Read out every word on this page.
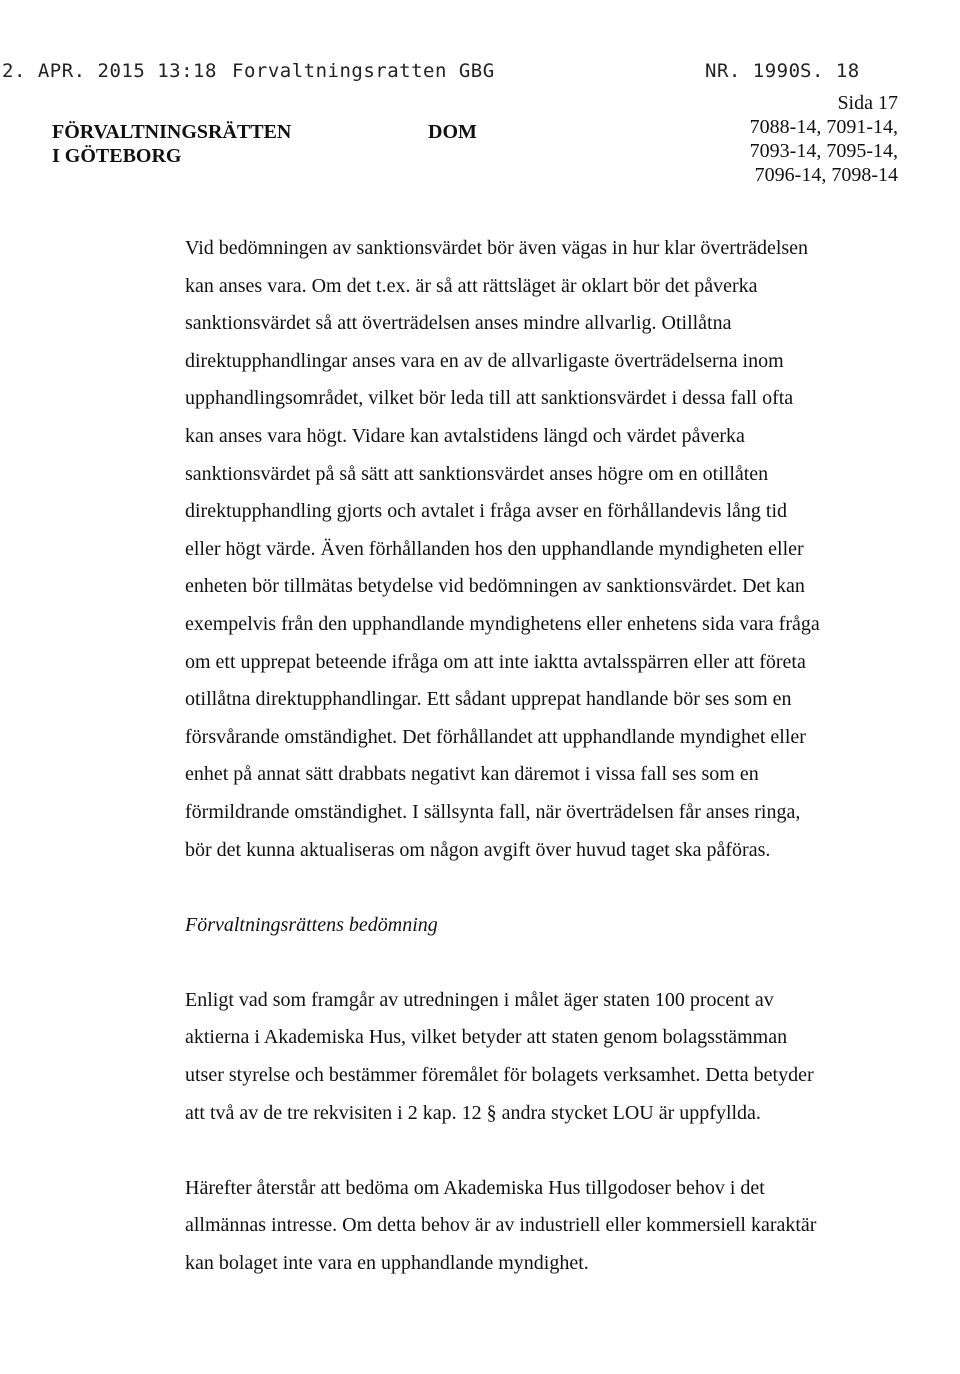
2. APR. 2015 13:18 Forvaltningsratten GBG	NR. 1990 S. 18
FÖRVALTNINGSRÄTTEN
I GÖTEBORG
DOM
Sida 17
7088-14, 7091-14,
7093-14, 7095-14,
7096-14, 7098-14

Vid bedömningen av sanktionsvärdet bör även vägas in hur klar överträdelsen kan anses vara. Om det t.ex. är så att rättsläget är oklart bör det påverka sanktionsvärdet så att överträdelsen anses mindre allvarlig. Otillåtna direktupphandlingar anses vara en av de allvarligaste överträdelserna inom upphandlingsområdet, vilket bör leda till att sanktionsvärdet i dessa fall ofta kan anses vara högt. Vidare kan avtalstidens längd och värdet påverka sanktionsvärdet på så sätt att sanktionsvärdet anses högre om en otillåten direktupphandling gjorts och avtalet i fråga avser en förhållandevis lång tid eller högt värde. Även förhållanden hos den upphandlande myndigheten eller enheten bör tillmätas betydelse vid bedömningen av sanktionsvärdet. Det kan exempelvis från den upphandlande myndighetens eller enhetens sida vara fråga om ett upprepat beteende ifråga om att inte iaktta avtalsspärren eller att företa otillåtna direktupphandlingar. Ett sådant upprepat handlande bör ses som en försvårande omständighet. Det förhållandet att upphandlande myndighet eller enhet på annat sätt drabbats negativt kan däremot i vissa fall ses som en förmildrande omständighet. I sällsynta fall, när överträdelsen får anses ringa, bör det kunna aktualiseras om någon avgift över huvud taget ska påföras.

Förvaltningsrättens bedömning

Enligt vad som framgår av utredningen i målet äger staten 100 procent av aktierna i Akademiska Hus, vilket betyder att staten genom bolagsstämman utser styrelse och bestämmer föremålet för bolagets verksamhet. Detta betyder att två av de tre rekvisiten i 2 kap. 12 § andra stycket LOU är uppfyllda.

Härefter återstår att bedöma om Akademiska Hus tillgodoser behov i det allmännas intresse. Om detta behov är av industriell eller kommersiell karaktär kan bolaget inte vara en upphandlande myndighet.
